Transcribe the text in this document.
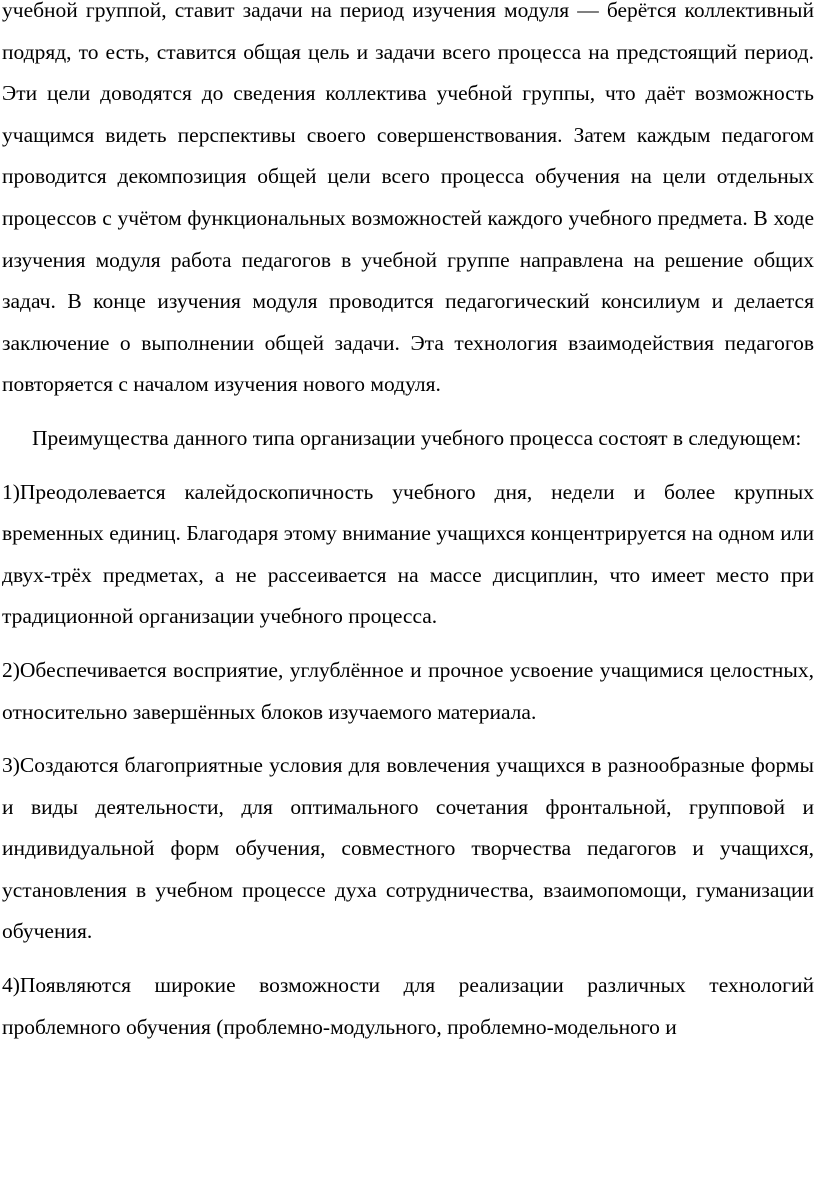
учебной группой, ставит задачи на период изучения модуля — берётся коллективный подряд, то есть, ставится общая цель и задачи всего процесса на предстоящий период. Эти цели доводятся до сведения коллектива учебной группы, что даёт возможность учащимся видеть перспективы своего совершенствования. Затем каждым педагогом проводится декомпозиция общей цели всего процесса обучения на цели отдельных процессов с учётом функциональных возможностей каждого учебного предмета. В ходе изучения модуля работа педагогов в учебной группе направлена на решение общих задач. В конце изучения модуля проводится педагогический консилиум и делается заключение о выполнении общей задачи. Эта технология взаимодействия педагогов повторяется с началом изучения нового модуля.

Преимущества данного типа организации учебного процесса состоят в следующем:

1)Преодолевается калейдоскопичность учебного дня, недели и более крупных временных единиц. Благодаря этому внимание учащихся концентрируется на одном или двух-трёх предметах, а не рассеивается на массе дисциплин, что имеет место при традиционной организации учебного процесса.

2)Обеспечивается восприятие, углублённое и прочное усвоение учащимися целостных, относительно завершённых блоков изучаемого материала.

3)Создаются благоприятные условия для вовлечения учащихся в разнообразные формы и виды деятельности, для оптимального сочетания фронтальной, групповой и индивидуальной форм обучения, совместного творчества педагогов и учащихся, установления в учебном процессе духа сотрудничества, взаимопомощи, гуманизации обучения.

4)Появляются широкие возможности для реализации различных технологий проблемного обучения (проблемно-модульного, проблемно-модельного и
